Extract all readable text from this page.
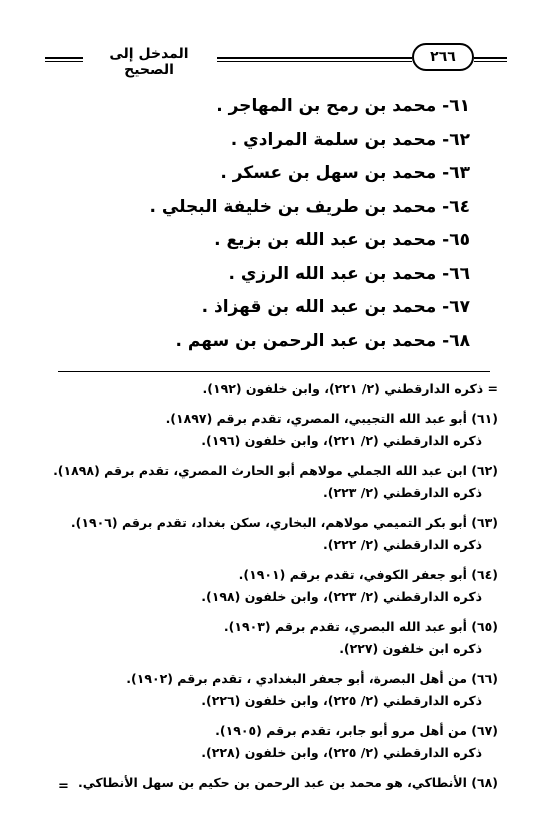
المدخل إلى الصحيح
٢٦٦
٦١- محمد بن رمح بن المهاجر .
٦٢- محمد بن سلمة المرادي .
٦٣- محمد بن سهل بن عسكر .
٦٤- محمد بن طريف بن خليفة البجلي .
٦٥- محمد بن عبد الله بن بزيع .
٦٦- محمد بن عبد الله الرزي .
٦٧- محمد بن عبد الله بن قهزاذ .
٦٨- محمد بن عبد الرحمن بن سهم .

= ذكره الدارقطني (٢/ ٢٢١)، وابن خلفون (١٩٢).

(٦١) أبو عبد الله التجيبي، المصري، تقدم برقم (١٨٩٧).

ذكره الدارقطني (٢/ ٢٢١)، وابن خلفون (١٩٦).

(٦٢) ابن عبد الله الجملي مولاهم أبو الحارث المصري، تقدم برقم (١٨٩٨).

ذكره الدارقطني (٢/ ٢٢٣).

(٦٣) أبو بكر التميمي مولاهم، البخاري، سكن بغداد، تقدم برقم (١٩٠٦).

ذكره الدارقطني (٢/ ٢٢٢).

(٦٤) أبو جعفر الكوفي، تقدم برقم (١٩٠١).

ذكره الدارقطني (٢/ ٢٢٣)، وابن خلفون (١٩٨).

(٦٥) أبو عبد الله البصري، تقدم برقم (١٩٠٣).

ذكره ابن خلفون (٢٢٧).

(٦٦) من أهل البصرة، أبو جعفر البغدادي ، تقدم برقم (١٩٠٢).

ذكره الدارقطني (٢/ ٢٢٥)، وابن خلفون (٢٢٦).

(٦٧) من أهل مرو أبو جابر، تقدم برقم (١٩٠٥).

ذكره الدارقطني (٢/ ٢٢٥)، وابن خلفون (٢٢٨).

(٦٨) الأنطاكي، هو محمد بن عبد الرحمن بن حكيم بن سهل الأنطاكي.

=
